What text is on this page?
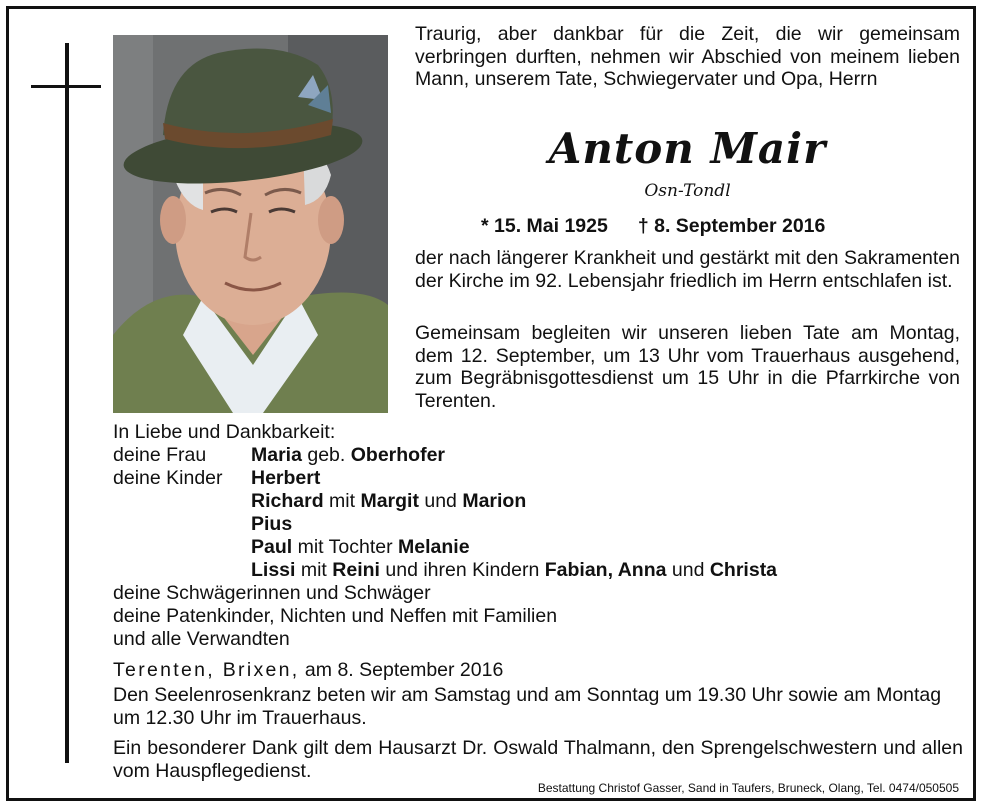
Traurig, aber dankbar für die Zeit, die wir gemeinsam verbringen durften, nehmen wir Abschied von meinem lieben Mann, unserem Tate, Schwiegervater und Opa, Herrn
Anton Mair
Osn-Tondl
* 15. Mai 1925 † 8. September 2016
der nach längerer Krankheit und gestärkt mit den Sakramenten der Kirche im 92. Lebensjahr friedlich im Herrn entschlafen ist.
Gemeinsam begleiten wir unseren lieben Tate am Montag, dem 12. September, um 13 Uhr vom Trauerhaus ausgehend, zum Begräbnisgottesdienst um 15 Uhr in die Pfarrkirche von Terenten.
In Liebe und Dankbarkeit:
deine Frau	Maria geb. Oberhofer
deine Kinder	Herbert
Richard mit Margit und Marion
Pius
Paul mit Tochter Melanie
Lissi mit Reini und ihren Kindern Fabian, Anna und Christa
deine Schwägerinnen und Schwäger
deine Patenkinder, Nichten und Neffen mit Familien
und alle Verwandten
Terenten, Brixen, am 8. September 2016
Den Seelenrosenkranz beten wir am Samstag und am Sonntag um 19.30 Uhr sowie am Montag um 12.30 Uhr im Trauerhaus.
Ein besonderer Dank gilt dem Hausarzt Dr. Oswald Thalmann, den Sprengelschwestern und allen vom Hauspflegedienst.
Bestattung Christof Gasser, Sand in Taufers, Bruneck, Olang, Tel. 0474/050505
